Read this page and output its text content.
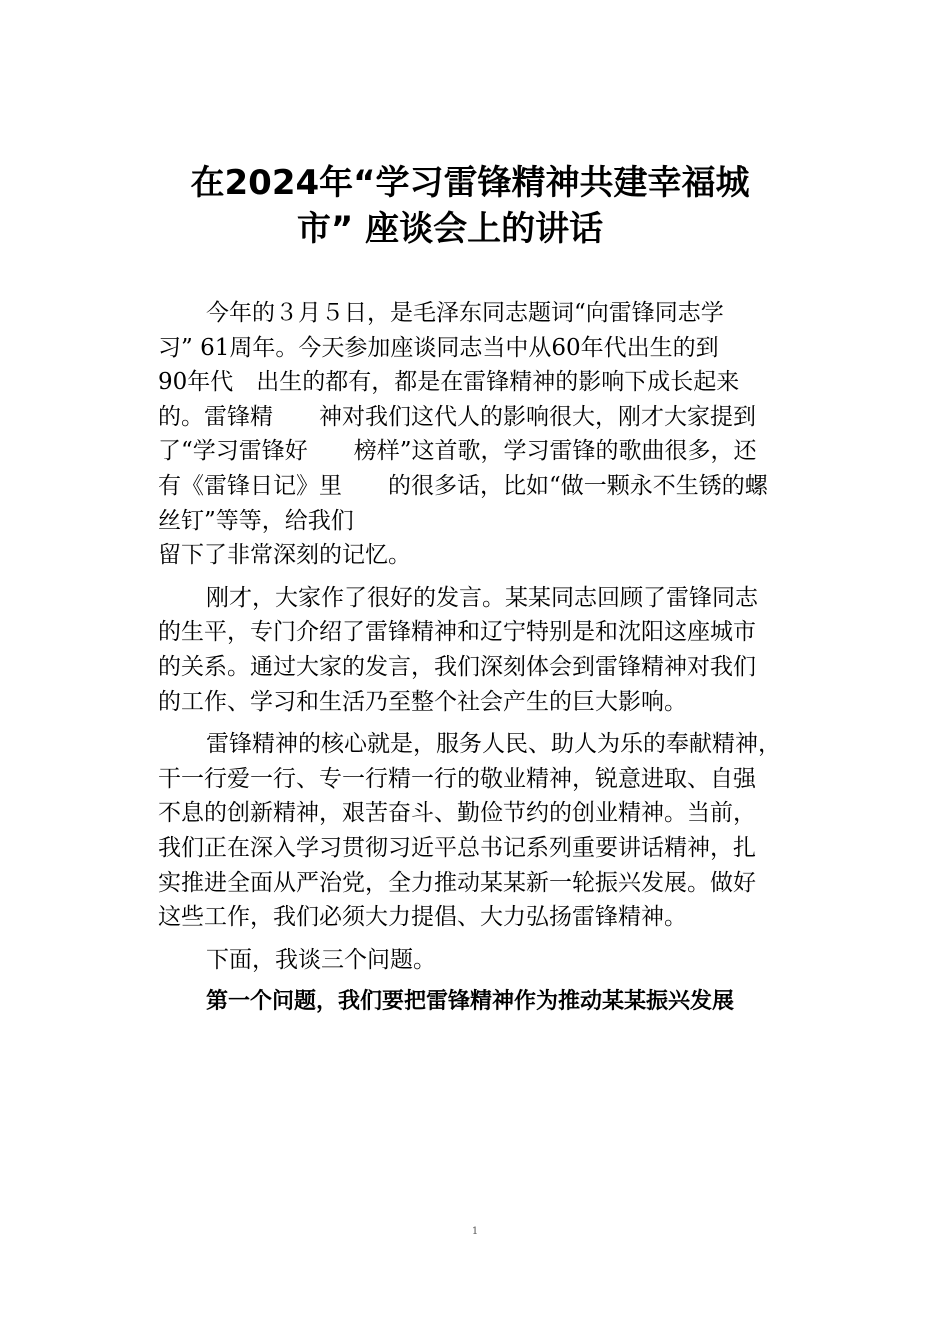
在2024年“学习雷锋精神共建幸福城
市” 座谈会上的讲话

今年的３月５日，是毛泽东同志题词“向雷锋同志学
习” 61周年。今天参加座谈同志当中从60年代出生的到
90年代　出生的都有，都是在雷锋精神的影响下成长起来
的。雷锋精　　神对我们这代人的影响很大，刚才大家提到
了“学习雷锋好　　榜样”这首歌，学习雷锋的歌曲很多，还
有《雷锋日记》里　　的很多话，比如“做一颗永不生锈的螺
丝钉”等等，给我们
留下了非常深刻的记忆。

刚才，大家作了很好的发言。某某同志回顾了雷锋同志
的生平，专门介绍了雷锋精神和辽宁特别是和沈阳这座城市
的关系。通过大家的发言，我们深刻体会到雷锋精神对我们
的工作、学习和生活乃至整个社会产生的巨大影响。

雷锋精神的核心就是，服务人民、助人为乐的奉献精神，
干一行爱一行、专一行精一行的敬业精神，锐意进取、自强
不息的创新精神，艰苦奋斗、勤俭节约的创业精神。当前，
我们正在深入学习贯彻习近平总书记系列重要讲话精神，扎
实推进全面从严治党，全力推动某某新一轮振兴发展。做好
这些工作，我们必须大力提倡、大力弘扬雷锋精神。

下面，我谈三个问题。

第一个问题，我们要把雷锋精神作为推动某某振兴发展

1
